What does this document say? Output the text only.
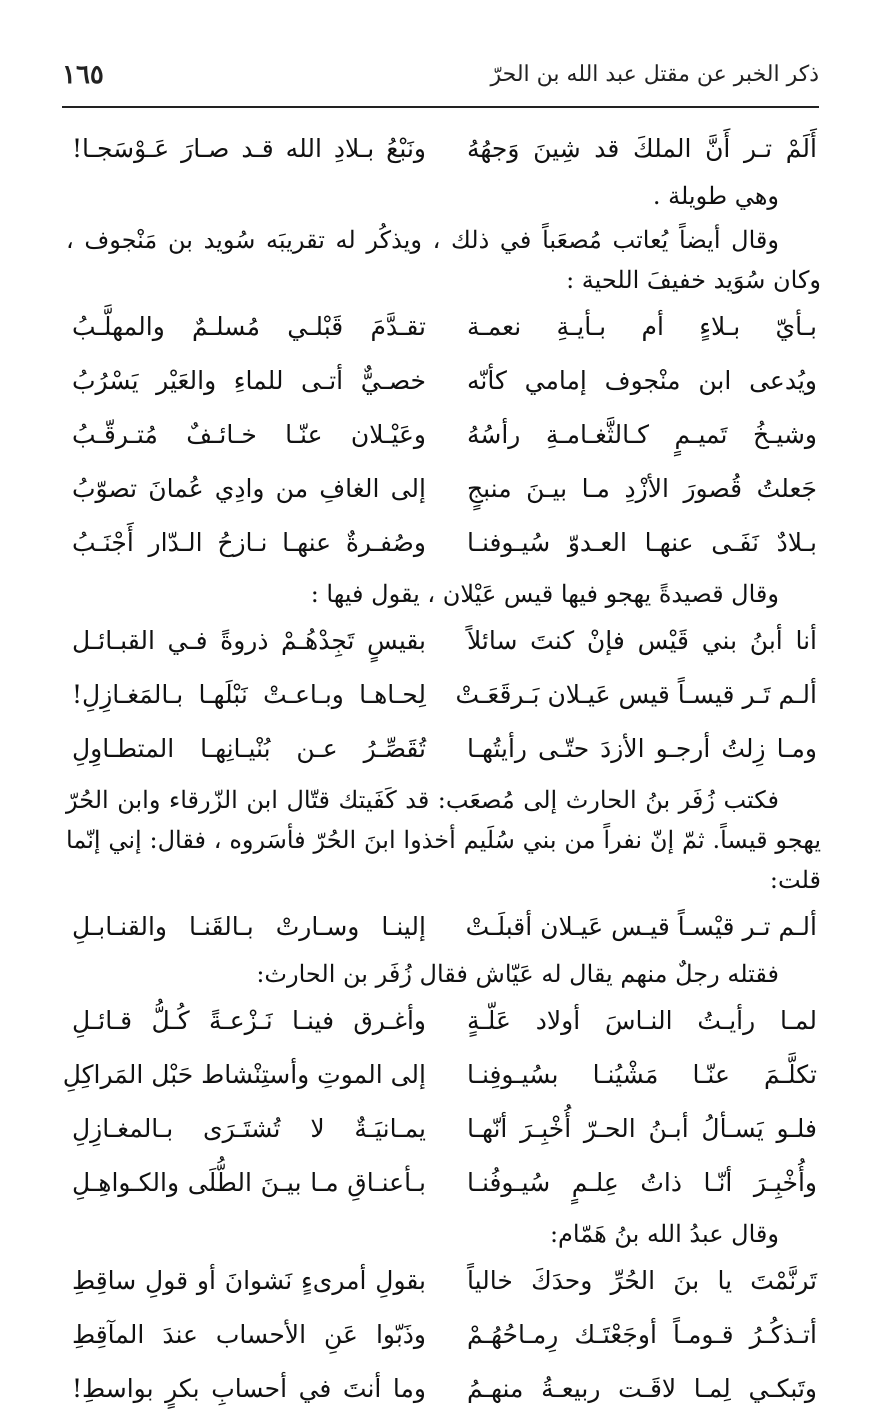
ذكر الخبر عن مقتل عبد الله بن الحرّ
١٦٥
أَلَمْ تـر أَنَّ الملكَ قد شِينَ وَجهُهُ
ونَبْعُ بـلادِ الله قـد صـارَ عَـوْسَجـا!
وهي طويلة .
وقال أيضاً يُعاتب مُصعَباً في ذلك ، ويذكُر له تقريبَه سُويد بن مَنْجوف ، وكان سُوَيد خفيفَ اللحية :
بـأيّ بـلاءٍ أم بـأيـةِ نعمـة
تقـدَّمَ قَبْلـي مُسلـمٌ والمهلَّـبُ
ويُدعى ابن منْجوف إمامي كأنّه
خصـيٌّ أتـى للماءِ والعَيْر يَسْرُبُ
وشيـخُ تَميـمٍ كـالثَّغـامـةِ رأسُهُ
وعَيْـلان عنّـا خـائـفٌ مُتـرقّـبُ
جَعلتُ قُصورَ الأزْدِ مـا بيـنَ منبجٍ
إلى الغافِ من وادِي عُمانَ تصوّبُ
بـلادٌ نَفَـى عنهـا العـدوّ سُيـوفنـا
وصُفـرةٌ عنهـا نـازحُ الـدّار أَجْنَـبُ
وقال قصيدةً يهجو فيها قيس عَيْلان ، يقول فيها :
أنا أبنُ بني قَيْس فإنْ كنتَ سائلاً
بقيسٍ تَجِدْهُـمْ ذروةً فـي القبـائـل
ألـم تَـر قيسـاً قيس عَيـلان بَـرقَعَـتْ
لِحـاهـا وبـاعـتْ نَبْلَهـا بـالمَغـازِلِ!
ومـا زِلتُ أرجـو الأزدَ حتّـى رأيتُهـا
تُقَصِّـرُ عـن بُنْيـانِهـا المتطـاوِلِ
فكتب زُفَر بنُ الحارث إلى مُصعَب: قد كَفَيتك قتّال ابن الزّرقاء وابن الحُرّ يهجو قيساً. ثمّ إنّ نفراً من بني سُلَيم أخذوا ابنَ الحُرّ فأسَروه ، فقال: إني إنّما قلت:
ألـم تـر قيْسـاً قيـس عَيـلان أقبلَـتْ
إلينـا وسـارتْ بـالقَنـا والقنـابـلِ
فقتله رجلٌ منهم يقال له عَيّاش فقال زُفَر بن الحارث:
لمـا رأيـتُ النـاسَ أولاد عَلّـةٍ
وأغـرق فينـا نَـزْعـةً كُـلُّ قـائـلِ
تكلَّـمَ عنّـا مَشْيُنـا بسُيـوفِنـا
إلى الموتِ وأستِنْشاط حَبْل المَراكِلِ
فلـو يَسـألُ أبـنُ الحـرّ أُخْبِـرَ أنّهـا
يمـانيَـةٌ لا تُشتَـرَى بـالمغـازِلِ
وأُخْبِـرَ أنّـا ذاتُ عِلـمٍ سُيـوفُنـا
بـأعنـاقِ مـا بيـنَ الطُّلَى والكـواهِـلِ
وقال عبدُ الله بنُ هَمّام:
تَرنَّمْتَ يا بنَ الحُرِّ وحدَكَ خالياً
بقولِ أمرىءٍ نَشوانَ أو قولِ ساقِطِ
أتـذكُـرُ قـومـاً أوجَعْتَـك رِمـاحُهُـمْ
وذَبّوا عَنِ الأحساب عندَ المآقِطِ
وتَبكـي لِمـا لاقَـت ربيعـةُ منهـمُ
وما أنتَ في أحسابِ بكرٍ بواسطِ!
